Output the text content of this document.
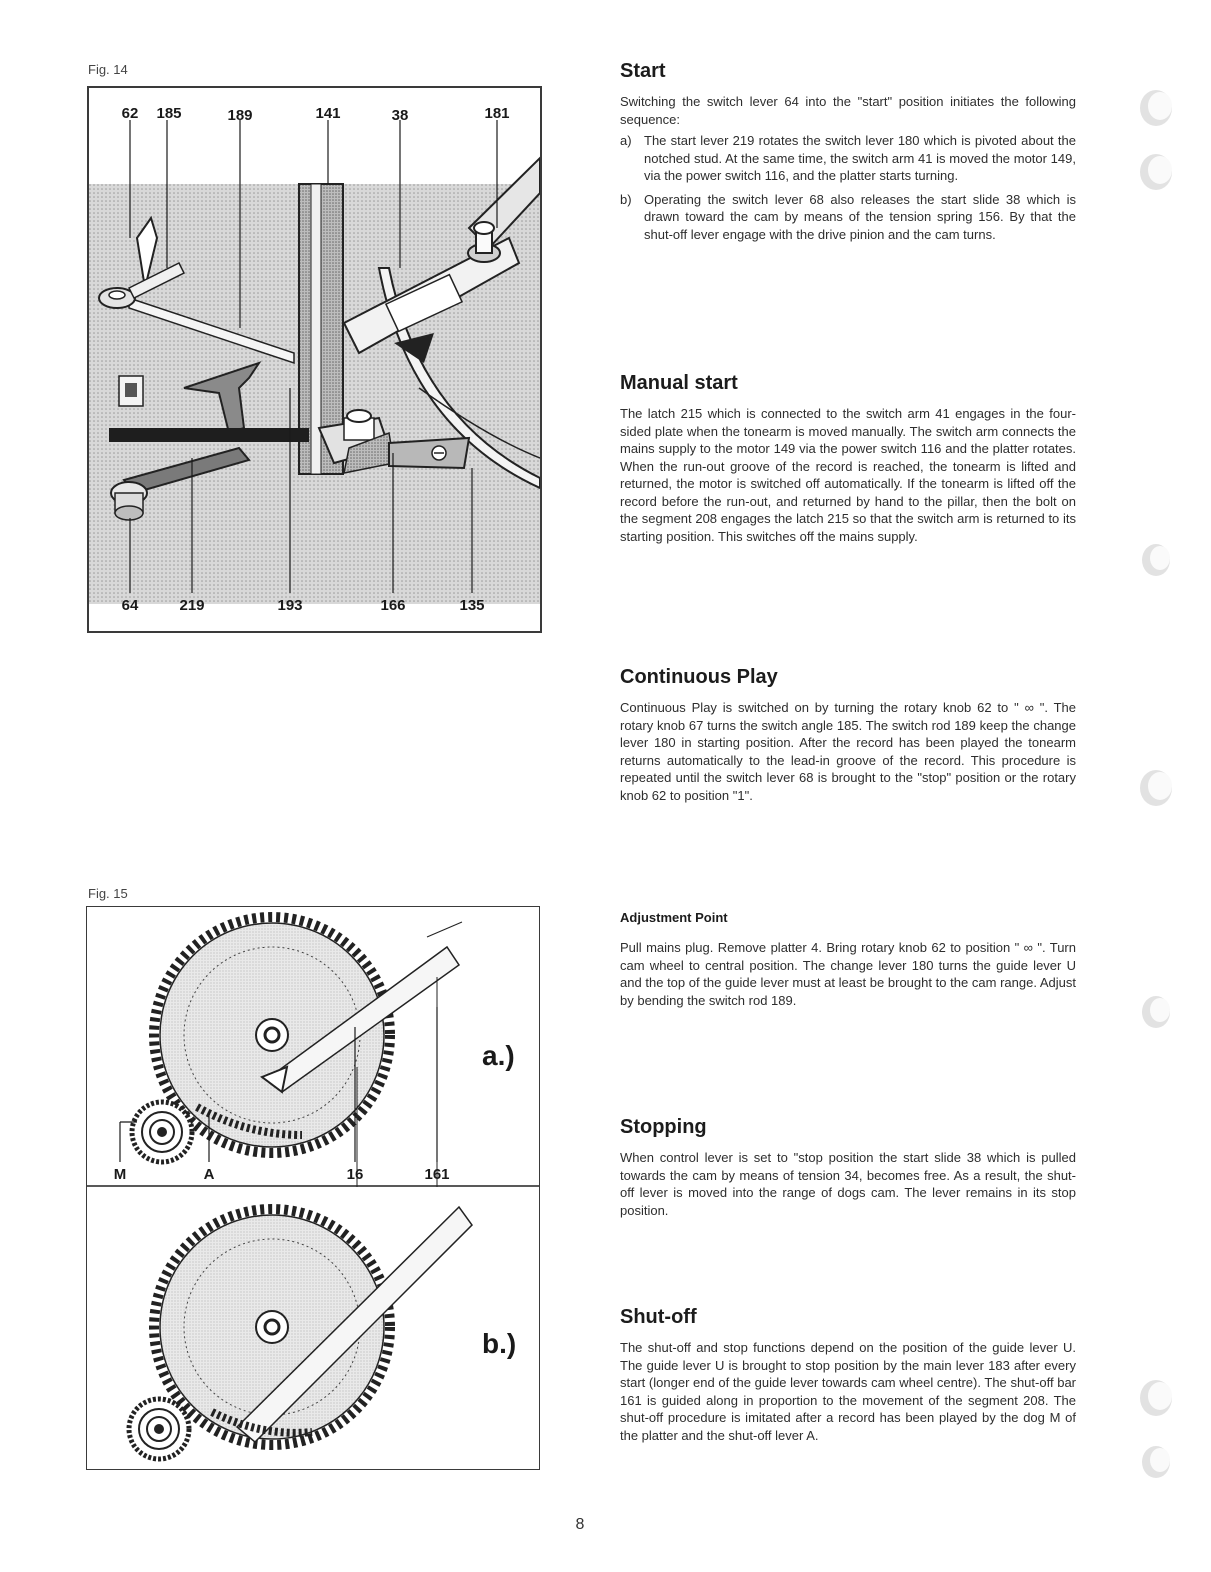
Fig. 14
62 185	189	141	38	181
64	219	193	166	135
Fig. 15
M	A	16	161
a.)
b.)
Start

Switching the switch lever 64 into the "start" position initiates the following sequence:

a) The start lever 219 rotates the switch lever 180 which is pivoted about the notched stud. At the same time, the switch arm 41 is moved the motor 149, via the power switch 116, and the platter starts turning.

b) Operating the switch lever 68 also releases the start slide 38 which is drawn toward the cam by means of the tension spring 156. By that the shut-off lever engage with the drive pinion and the cam turns.

Manual start

The latch 215 which is connected to the switch arm 41 engages in the four-sided plate when the tonearm is moved manually. The switch arm connects the mains supply to the motor 149 via the power switch 116 and the platter rotates. When the run-out groove of the record is reached, the tonearm is lifted and returned, the motor is switched off automatically. If the tonearm is lifted off the record before the run-out, and returned by hand to the pillar, then the bolt on the segment 208 engages the latch 215 so that the switch arm is returned to its starting position. This switches off the mains supply.

Continuous Play

Continuous Play is switched on by turning the rotary knob 62 to " ∞ ". The rotary knob 67 turns the switch angle 185. The switch rod 189 keep the change lever 180 in starting position. After the record has been played the tonearm returns automatically to the lead-in groove of the record. This procedure is repeated until the switch lever 68 is brought to the "stop" position or the rotary knob 62 to position "1".

Adjustment Point

Pull mains plug. Remove platter 4. Bring rotary knob 62 to position " ∞ ". Turn cam wheel to central position. The change lever 180 turns the guide lever U and the top of the guide lever must at least be brought to the cam range. Adjust by bending the switch rod 189.

Stopping

When control lever is set to "stop position the start slide 38 which is pulled towards the cam by means of tension 34, becomes free. As a result, the shut-off lever is moved into the range of dogs cam. The lever remains in its stop position.

Shut-off

The shut-off and stop functions depend on the position of the guide lever U. The guide lever U is brought to stop position by the main lever 183 after every start (longer end of the guide lever towards cam wheel centre). The shut-off bar 161 is guided along in proportion to the movement of the segment 208. The shut-off procedure is imitated after a record has been played by the dog M of the platter and the shut-off lever A.

8
